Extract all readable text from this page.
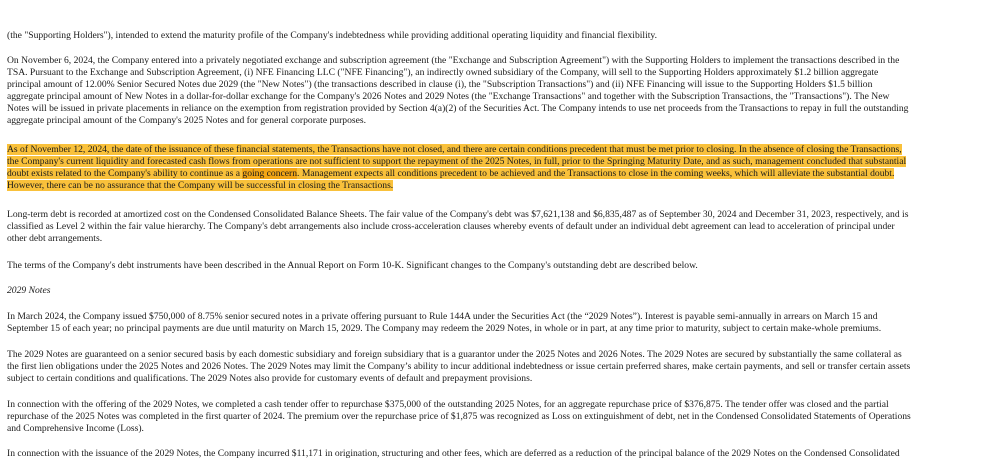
(the "Supporting Holders"), intended to extend the maturity profile of the Company's indebtedness while providing additional operating liquidity and financial flexibility.

On November 6, 2024, the Company entered into a privately negotiated exchange and subscription agreement (the "Exchange and Subscription Agreement") with the Supporting Holders to implement the transactions described in the
TSA. Pursuant to the Exchange and Subscription Agreement, (i) NFE Financing LLC ("NFE Financing"), an indirectly owned subsidiary of the Company, will sell to the Supporting Holders approximately $1.2 billion aggregate
principal amount of 12.00% Senior Secured Notes due 2029 (the "New Notes") (the transactions described in clause (i), the "Subscription Transactions") and (ii) NFE Financing will issue to the Supporting Holders $1.5 billion
aggregate principal amount of New Notes in a dollar-for-dollar exchange for the Company's 2026 Notes and 2029 Notes (the "Exchange Transactions" and together with the Subscription Transactions, the "Transactions"). The New
Notes will be issued in private placements in reliance on the exemption from registration provided by Section 4(a)(2) of the Securities Act. The Company intends to use net proceeds from the Transactions to repay in full the outstanding
aggregate principal amount of the Company's 2025 Notes and for general corporate purposes.

As of November 12, 2024, the date of the issuance of these financial statements, the Transactions have not closed, and there are certain conditions precedent that must be met prior to closing. In the absence of closing the Transactions,
the Company's current liquidity and forecasted cash flows from operations are not sufficient to support the repayment of the 2025 Notes, in full, prior to the Springing Maturity Date, and as such, management concluded that substantial
doubt exists related to the Company's ability to continue as a going concern. Management expects all conditions precedent to be achieved and the Transactions to close in the coming weeks, which will alleviate the substantial doubt.
However, there can be no assurance that the Company will be successful in closing the Transactions.

Long-term debt is recorded at amortized cost on the Condensed Consolidated Balance Sheets. The fair value of the Company's debt was $7,621,138 and $6,835,487 as of September 30, 2024 and December 31, 2023, respectively, and is
classified as Level 2 within the fair value hierarchy. The Company's debt arrangements also include cross-acceleration clauses whereby events of default under an individual debt agreement can lead to acceleration of principal under
other debt arrangements.

The terms of the Company's debt instruments have been described in the Annual Report on Form 10-K. Significant changes to the Company's outstanding debt are described below.

2029 Notes

In March 2024, the Company issued $750,000 of 8.75% senior secured notes in a private offering pursuant to Rule 144A under the Securities Act (the “2029 Notes”). Interest is payable semi-annually in arrears on March 15 and
September 15 of each year; no principal payments are due until maturity on March 15, 2029. The Company may redeem the 2029 Notes, in whole or in part, at any time prior to maturity, subject to certain make-whole premiums.

The 2029 Notes are guaranteed on a senior secured basis by each domestic subsidiary and foreign subsidiary that is a guarantor under the 2025 Notes and 2026 Notes. The 2029 Notes are secured by substantially the same collateral as
the first lien obligations under the 2025 Notes and 2026 Notes. The 2029 Notes may limit the Company’s ability to incur additional indebtedness or issue certain preferred shares, make certain payments, and sell or transfer certain assets
subject to certain conditions and qualifications. The 2029 Notes also provide for customary events of default and prepayment provisions.

In connection with the offering of the 2029 Notes, we completed a cash tender offer to repurchase $375,000 of the outstanding 2025 Notes, for an aggregate repurchase price of $376,875. The tender offer was closed and the partial
repurchase of the 2025 Notes was completed in the first quarter of 2024. The premium over the repurchase price of $1,875 was recognized as Loss on extinguishment of debt, net in the Condensed Consolidated Statements of Operations
and Comprehensive Income (Loss).

In connection with the issuance of the 2029 Notes, the Company incurred $11,171 in origination, structuring and other fees, which are deferred as a reduction of the principal balance of the 2029 Notes on the Condensed Consolidated
